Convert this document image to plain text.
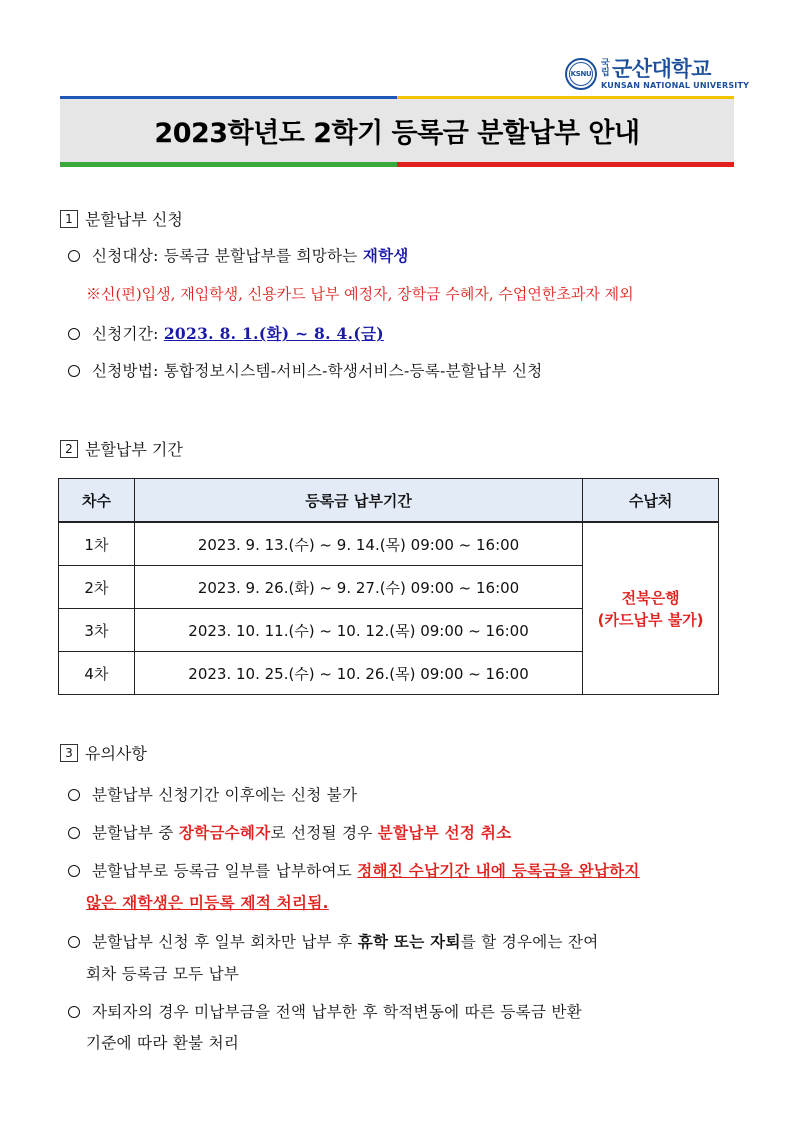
KSNU
국
립 군산대학교
KUNSAN NATIONAL UNIVERSITY
2023학년도 2학기 등록금 분할납부 안내
1 분할납부 신청
신청대상: 등록금 분할납부를 희망하는 재학생
※신(편)입생, 재입학생, 신용카드 납부 예정자, 장학금 수혜자, 수업연한초과자 제외
신청기간: 2023. 8. 1.(화) ~ 8. 4.(금)
신청방법: 통합정보시스템-서비스-학생서비스-등록-분할납부 신청
2 분할납부 기간
차수	등록금 납부기간	수납처
1차	2023. 9. 13.(수) ~ 9. 14.(목) 09:00 ~ 16:00	전북은행
(카드납부 불가)

2차	2023. 9. 26.(화) ~ 9. 27.(수) 09:00 ~ 16:00	
3차	2023. 10. 11.(수) ~ 10. 12.(목) 09:00 ~ 16:00	
4차	2023. 10. 25.(수) ~ 10. 26.(목) 09:00 ~ 16:00	
3 유의사항
분할납부 신청기간 이후에는 신청 불가
분할납부 중 장학금수혜자로 선정될 경우 분할납부 선정 취소
분할납부로 등록금 일부를 납부하여도 정해진 수납기간 내에 등록금을 완납하지
않은 재학생은 미등록 제적 처리됨.
분할납부 신청 후 일부 회차만 납부 후 휴학 또는 자퇴를 할 경우에는 잔여
회차 등록금 모두 납부
자퇴자의 경우 미납부금을 전액 납부한 후 학적변동에 따른 등록금 반환
기준에 따라 환불 처리
